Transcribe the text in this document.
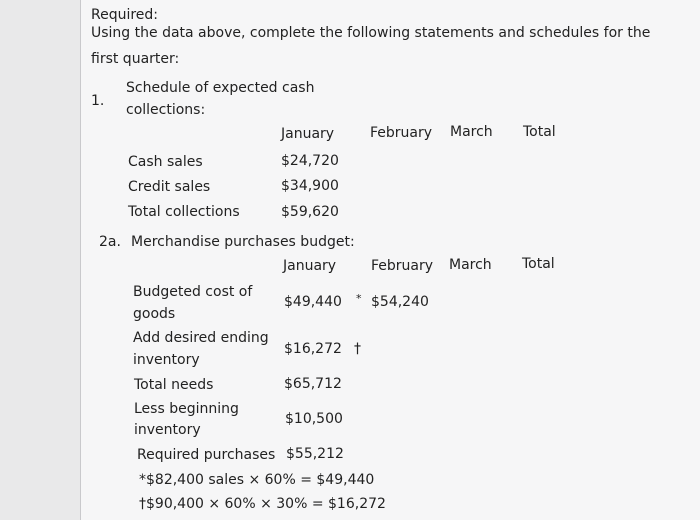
Required:
Using the data above, complete the following statements and schedules for the
first quarter:
1.
Schedule of expected cash
collections:
January	February March Total
Cash sales	$24,720
Credit sales	$34,900
Total collections	$59,620
2a. Merchandise purchases budget:
January February March Total
Budgeted cost of
goods
$49,440 * $54,240
Add desired ending
inventory
$16,272 †
Total needs	$65,712
Less beginning
inventory
$10,500
Required purchases $55,212
*$82,400 sales × 60% = $49,440
†$90,400 × 60% × 30% = $16,272
